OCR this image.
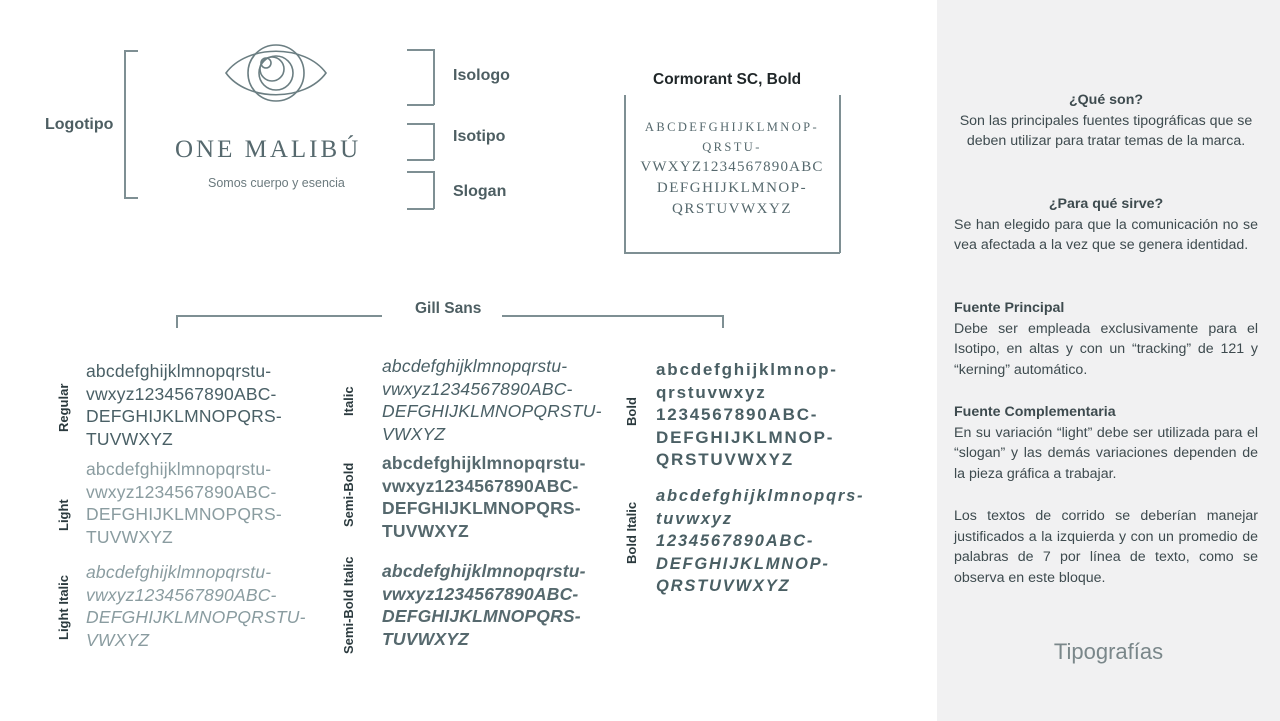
Logotipo
ONE MALIBÚ
Somos cuerpo y esencia
Isologo
Isotipo
Slogan
Cormorant SC, Bold
ABCDEFGHIJKLMNOP-
QRSTU-
VWXYZ1234567890ABC
DEFGHIJKLMNOP-
QRSTUVWXYZ
Gill Sans
Regular
abcdefghijklmnopqrstu-
vwxyz1234567890ABC-
DEFGHIJKLMNOPQRS-
TUVWXYZ
Light
abcdefghijklmnopqrstu-
vwxyz1234567890ABC-
DEFGHIJKLMNOPQRS-
TUVWXYZ
Light Italic
abcdefghijklmnopqrstu-
vwxyz1234567890ABC-
DEFGHIJKLMNOPQRSTU-
VWXYZ
Italic
abcdefghijklmnopqrstu-
vwxyz1234567890ABC-
DEFGHIJKLMNOPQRSTU-
VWXYZ
Semi-Bold abcdefghijklmnopqrstu-
vwxyz1234567890ABC-
DEFGHIJKLMNOPQRS-
TUVWXYZ
Semi-Bold Italic abcdefghijklmnopqrstu-
vwxyz1234567890ABC-
DEFGHIJKLMNOPQRS-
TUVWXYZ
Bold
abcdefghijklmnop-
qrstuvwxyz
1234567890ABC-
DEFGHIJKLMNOP-
QRSTUVWXYZ
Bold Italic
abcdefghijklmnopqrs-
tuvwxyz
1234567890ABC-
DEFGHIJKLMNOP-
QRSTUVWXYZ
¿Qué son?
Son las principales fuentes tipográficas que se deben utilizar para tratar temas de la marca.
¿Para qué sirve?
Se han elegido para que la comunicación no se vea afectada a la vez que se genera identidad.
Fuente Principal
Debe ser empleada exclusivamente para el Isotipo, en altas y con un “tracking” de 121 y “kerning” automático.
Fuente Complementaria
En su variación “light” debe ser utilizada para el “slogan” y las demás variaciones dependen de la pieza gráfica a trabajar.
Los textos de corrido se deberían manejar justificados a la izquierda y con un promedio de palabras de 7 por línea de texto, como se observa en este bloque.
Tipografías
